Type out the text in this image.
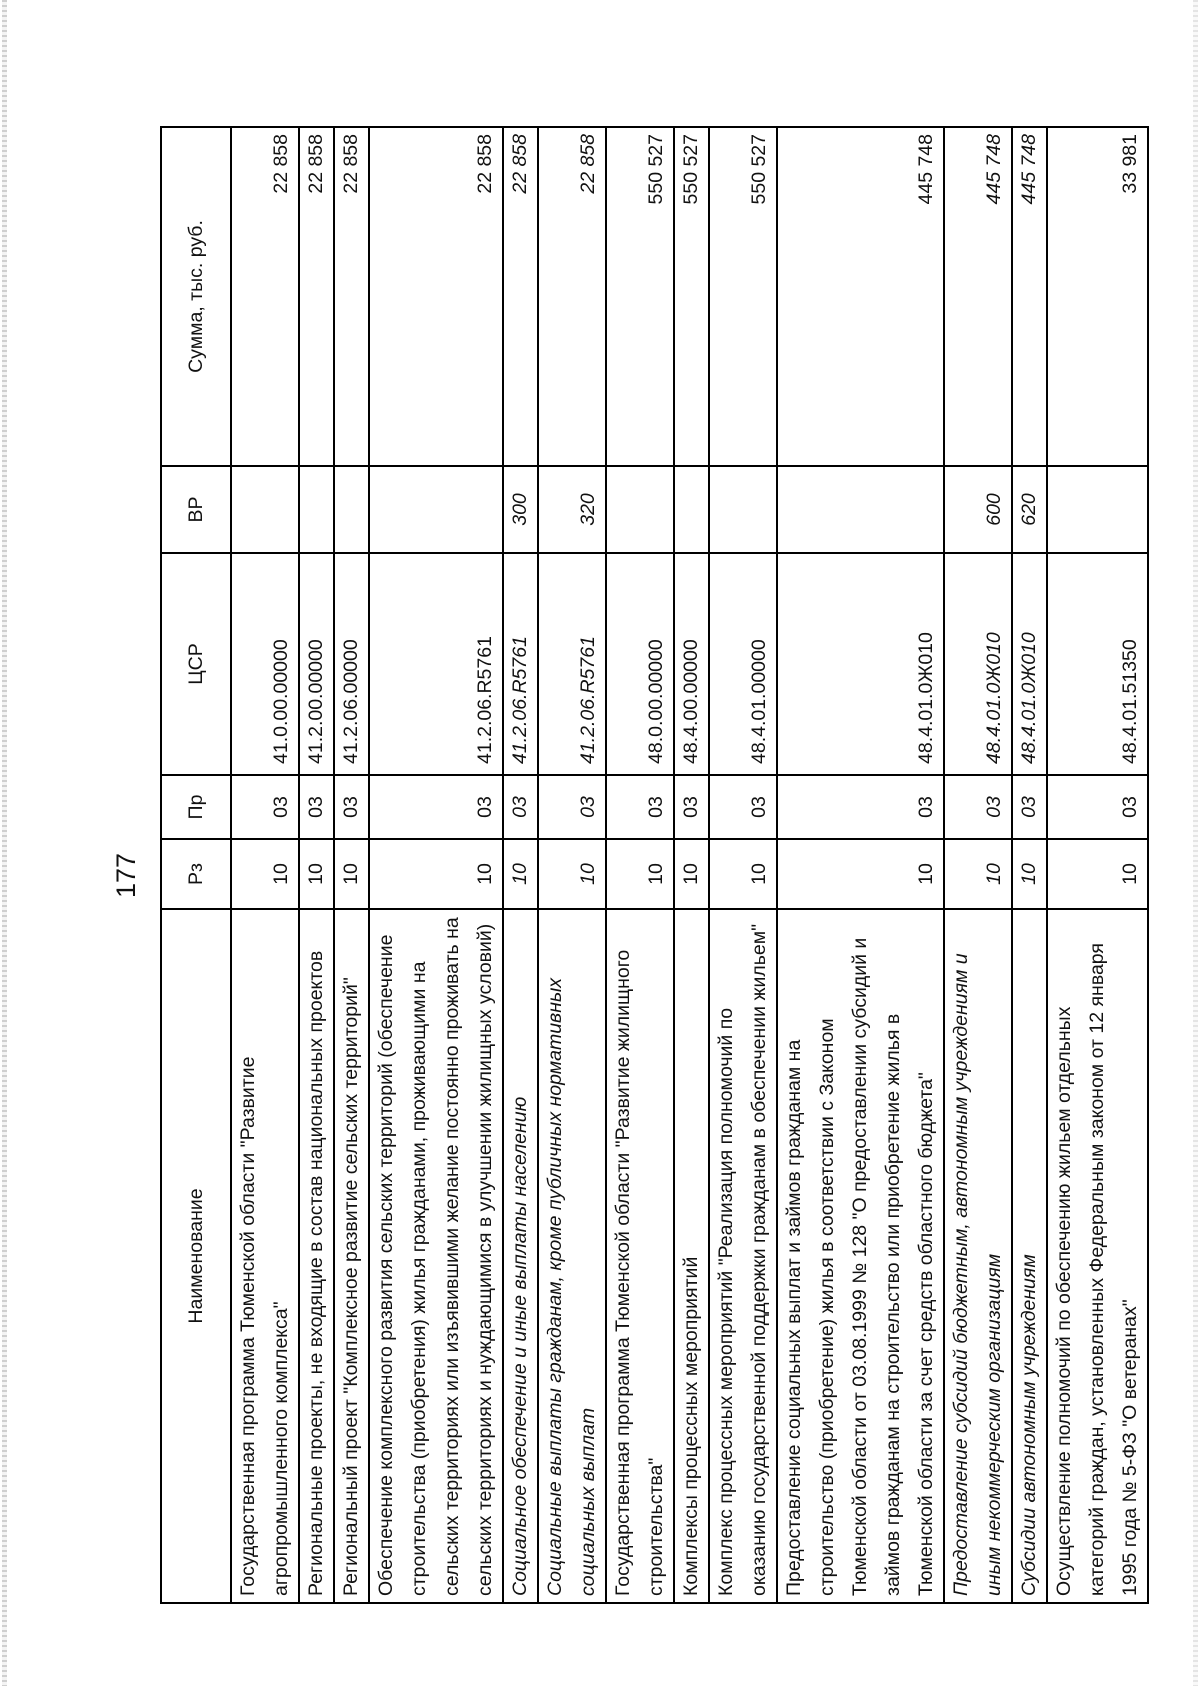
177
Наименование	Рз	Пр	ЦСР	ВР	Сумма, тыс. руб.
Государственная программа Тюменской области "Развитие агропромышленного комплекса"	10	03	41.0.00.00000		22 858
Региональные проекты, не входящие в состав национальных проектов	10	03	41.2.00.00000		22 858
Региональный проект "Комплексное развитие сельских территорий"	10	03	41.2.06.00000		22 858
Обеспечение комплексного развития сельских территорий (обеспечение строительства (приобретения) жилья гражданами, проживающими на сельских территориях или изъявившими желание постоянно проживать на сельских территориях и нуждающимися в улучшении жилищных условий)	10	03	41.2.06.R5761		22 858
Социальное обеспечение и иные выплаты населению	10	03	41.2.06.R5761	300	22 858
Социальные выплаты гражданам, кроме публичных нормативных социальных выплат	10	03	41.2.06.R5761	320	22 858
Государственная программа Тюменской области "Развитие жилищного строительства"	10	03	48.0.00.00000		550 527
Комплексы процессных мероприятий	10	03	48.4.00.00000		550 527
Комплекс процессных мероприятий "Реализация полномочий по оказанию государственной поддержки гражданам в обеспечении жильем"	10	03	48.4.01.00000		550 527
Предоставление социальных выплат и займов гражданам на строительство (приобретение) жилья в соответствии с Законом Тюменской области от 03.08.1999 № 128 "О предоставлении субсидий и займов гражданам на строительство или приобретение жилья в Тюменской области за счет средств областного бюджета"	10	03	48.4.01.0Ж010		445 748
Предоставление субсидий бюджетным, автономным учреждениям и иным некоммерческим организациям	10	03	48.4.01.0Ж010	600	445 748
Субсидии автономным учреждениям	10	03	48.4.01.0Ж010	620	445 748
Осуществление полномочий по обеспечению жильем отдельных категорий граждан, установленных Федеральным законом от 12 января 1995 года № 5-ФЗ "О ветеранах"	10	03	48.4.01.51350		33 981
